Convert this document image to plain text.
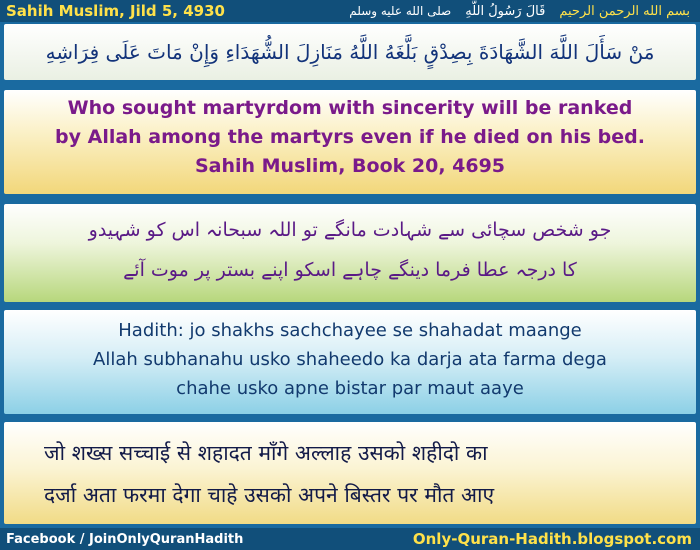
Sahih Muslim, Jild 5, 4930	بسم الله الرحمن الرحيم
قَالَ رَسُولُ اللَّهِ
صلى الله عليه وسلم
مَنْ سَأَلَ اللَّهَ الشَّهَادَةَ بِصِدْقٍ بَلَّغَهُ اللَّهُ مَنَازِلَ الشُّهَدَاءِ وَإِنْ مَاتَ عَلَى فِرَاشِهِ
Who sought martyrdom with sincerity will be ranked
by Allah among the martyrs even if he died on his bed.
Sahih Muslim, Book 20, 4695
جو شخص سچائی سے شہادت مانگے تو اللہ سبحانہ اس کو شہیدو
کا درجہ عطا فرما دینگے چاہے اسکو اپنے بستر پر موت آئے
Hadith: jo shakhs sachchayee se shahadat maange
Allah subhanahu usko shaheedo ka darja ata farma dega
chahe usko apne bistar par maut aaye
जो शख्स सच्चाई से शहादत माँगे अल्लाह उसको शहीदो का
दर्जा अता फरमा देगा चाहे उसको अपने बिस्तर पर मौत आए
Facebook / JoinOnlyQuranHadith	Only-Quran-Hadith.blogspot.com
